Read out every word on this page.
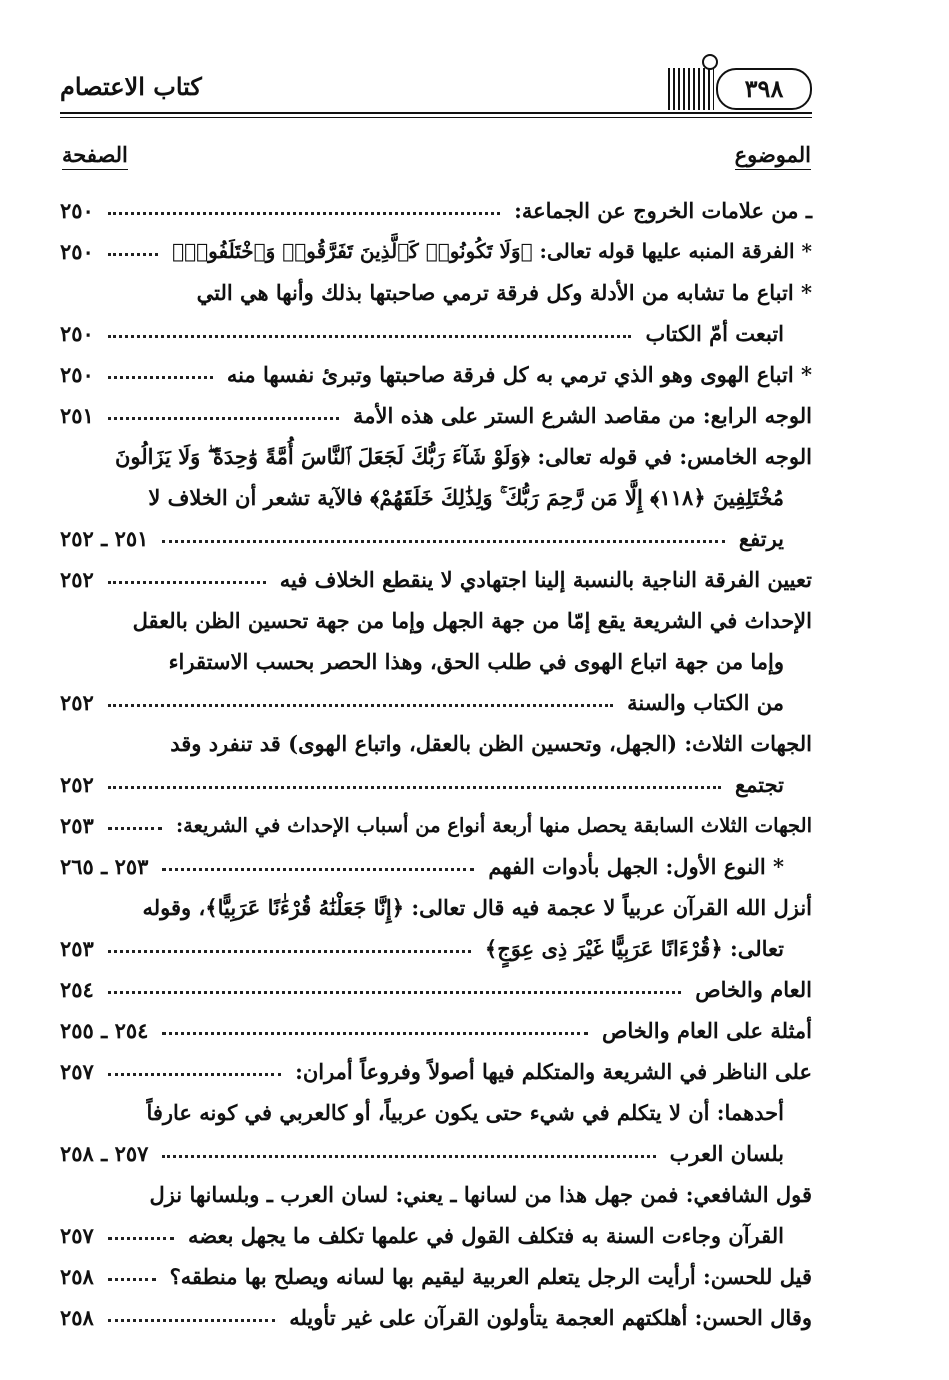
كتاب الاعتصام	٣٩٨
الموضوع
الصفحة
ـ من علامات الخروج عن الجماعة:
٢٥٠
* الفرقة المنبه عليها قوله تعالى: ﴿وَلَا تَكُونُوا۟ كَٱلَّذِينَ تَفَرَّقُوا۟ وَٱخْتَلَفُوا۟﴾
٢٥٠
* اتباع ما تشابه من الأدلة وكل فرقة ترمي صاحبتها بذلك وأنها هي التي
اتبعت أمّ الكتاب
٢٥٠
* اتباع الهوى وهو الذي ترمي به كل فرقة صاحبتها وتبرئ نفسها منه
٢٥٠
الوجه الرابع: من مقاصد الشرع الستر على هذه الأمة
٢٥١
الوجه الخامس: في قوله تعالى: ﴿وَلَوْ شَآءَ رَبُّكَ لَجَعَلَ ٱلنَّاسَ أُمَّةً وَٰحِدَةً ۖ وَلَا يَزَالُونَ
مُخْتَلِفِينَ ﴿١١٨﴾ إِلَّا مَن رَّحِمَ رَبُّكَ ۚ وَلِذَٰلِكَ خَلَقَهُمْ﴾ فالآية تشعر أن الخلاف لا
يرتفع
٢٥١ ـ ٢٥٢
تعيين الفرقة الناجية بالنسبة إلينا اجتهادي لا ينقطع الخلاف فيه
٢٥٢
الإحداث في الشريعة يقع إمّا من جهة الجهل وإما من جهة تحسين الظن بالعقل
وإما من جهة اتباع الهوى في طلب الحق، وهذا الحصر بحسب الاستقراء
من الكتاب والسنة
٢٥٢
الجهات الثلاث: (الجهل، وتحسين الظن بالعقل، واتباع الهوى) قد تنفرد وقد
تجتمع
٢٥٢
الجهات الثلاث السابقة يحصل منها أربعة أنواع من أسباب الإحداث في الشريعة:
٢٥٣
* النوع الأول: الجهل بأدوات الفهم
٢٥٣ ـ ٢٦٥
أنزل الله القرآن عربياً لا عجمة فيه قال تعالى: ﴿إِنَّا جَعَلْنَٰهُ قُرْءَٰنًا عَرَبِيًّا﴾، وقوله
تعالى: ﴿قُرْءَانًا عَرَبِيًّا غَيْرَ ذِى عِوَجٍ﴾
٢٥٣
العام والخاص
٢٥٤
أمثلة على العام والخاص
٢٥٤ ـ ٢٥٥
على الناظر في الشريعة والمتكلم فيها أصولاً وفروعاً أمران:
٢٥٧
أحدهما: أن لا يتكلم في شيء حتى يكون عربياً، أو كالعربي في كونه عارفاً
بلسان العرب
٢٥٧ ـ ٢٥٨
قول الشافعي: فمن جهل هذا من لسانها ـ يعني: لسان العرب ـ وبلسانها نزل
القرآن وجاءت السنة به فتكلف القول في علمها تكلف ما يجهل بعضه
٢٥٧
قيل للحسن: أرأيت الرجل يتعلم العربية ليقيم بها لسانه ويصلح بها منطقه؟
٢٥٨
وقال الحسن: أهلكتهم العجمة يتأولون القرآن على غير تأويله
٢٥٨
